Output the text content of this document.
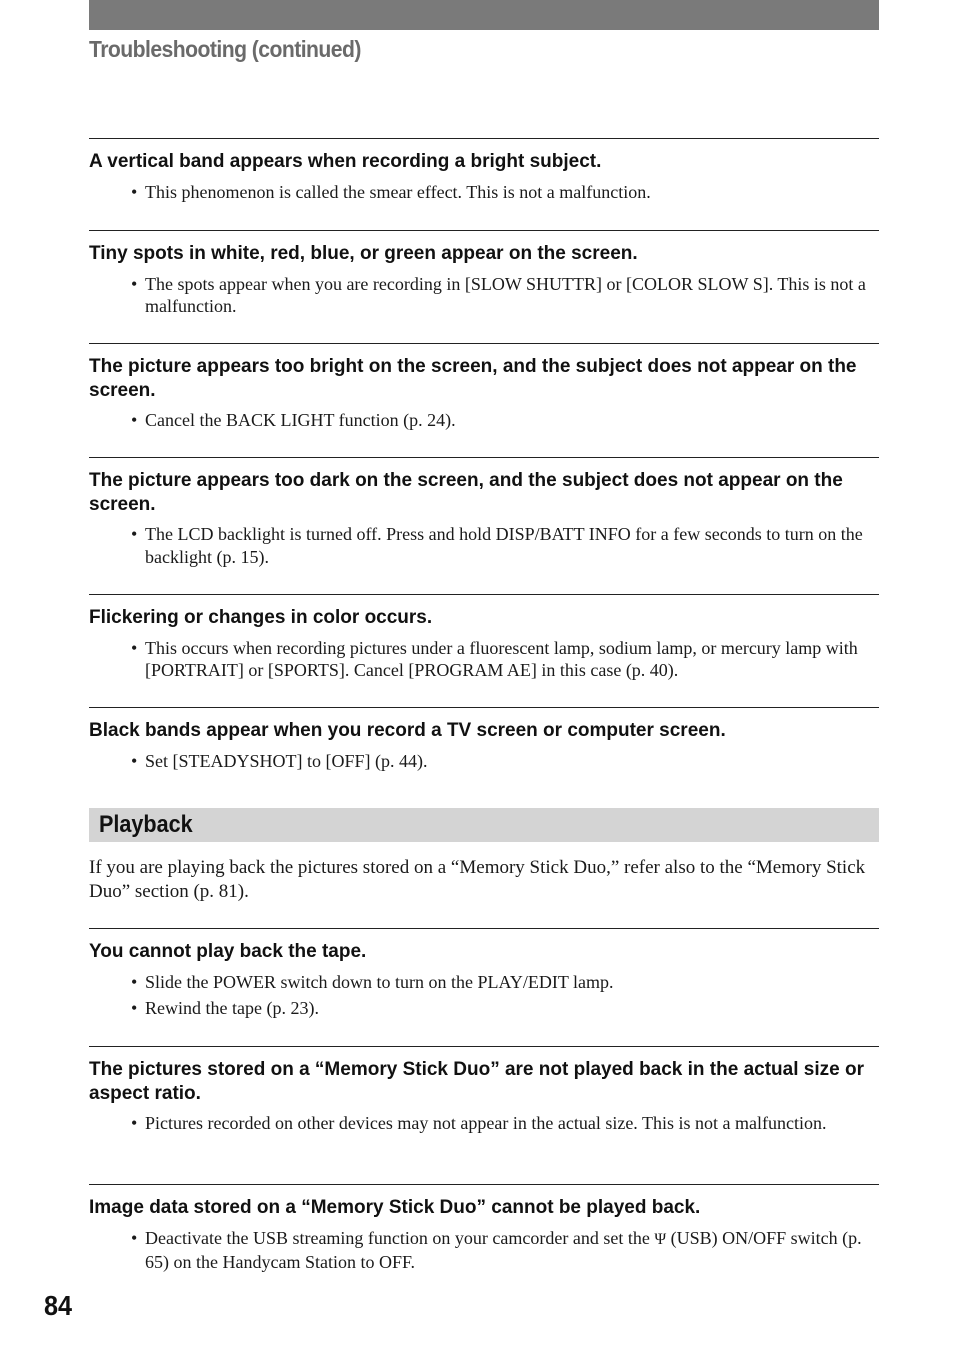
Troubleshooting (continued)

A vertical band appears when recording a bright subject.

• This phenomenon is called the smear effect. This is not a malfunction.

Tiny spots in white, red, blue, or green appear on the screen.

• The spots appear when you are recording in [SLOW SHUTTR] or [COLOR SLOW S]. This is not a malfunction.

The picture appears too bright on the screen, and the subject does not appear on the screen.

• Cancel the BACK LIGHT function (p. 24).

The picture appears too dark on the screen, and the subject does not appear on the screen.

• The LCD backlight is turned off. Press and hold DISP/BATT INFO for a few seconds to turn on the backlight (p. 15).

Flickering or changes in color occurs.

• This occurs when recording pictures under a fluorescent lamp, sodium lamp, or mercury lamp with [PORTRAIT] or [SPORTS]. Cancel [PROGRAM AE] in this case (p. 40).

Black bands appear when you record a TV screen or computer screen.

• Set [STEADYSHOT] to [OFF] (p. 44).
Playback

If you are playing back the pictures stored on a “Memory Stick Duo,” refer also to the “Memory Stick Duo” section (p. 81).

You cannot play back the tape.

• Slide the POWER switch down to turn on the PLAY/EDIT lamp.
• Rewind the tape (p. 23).

The pictures stored on a “Memory Stick Duo” are not played back in the actual size or aspect ratio.

• Pictures recorded on other devices may not appear in the actual size. This is not a malfunction.

Image data stored on a “Memory Stick Duo” cannot be played back.

• Deactivate the USB streaming function on your camcorder and set the Ψ (USB) ON/OFF switch (p. 65) on the Handycam Station to OFF.
84
